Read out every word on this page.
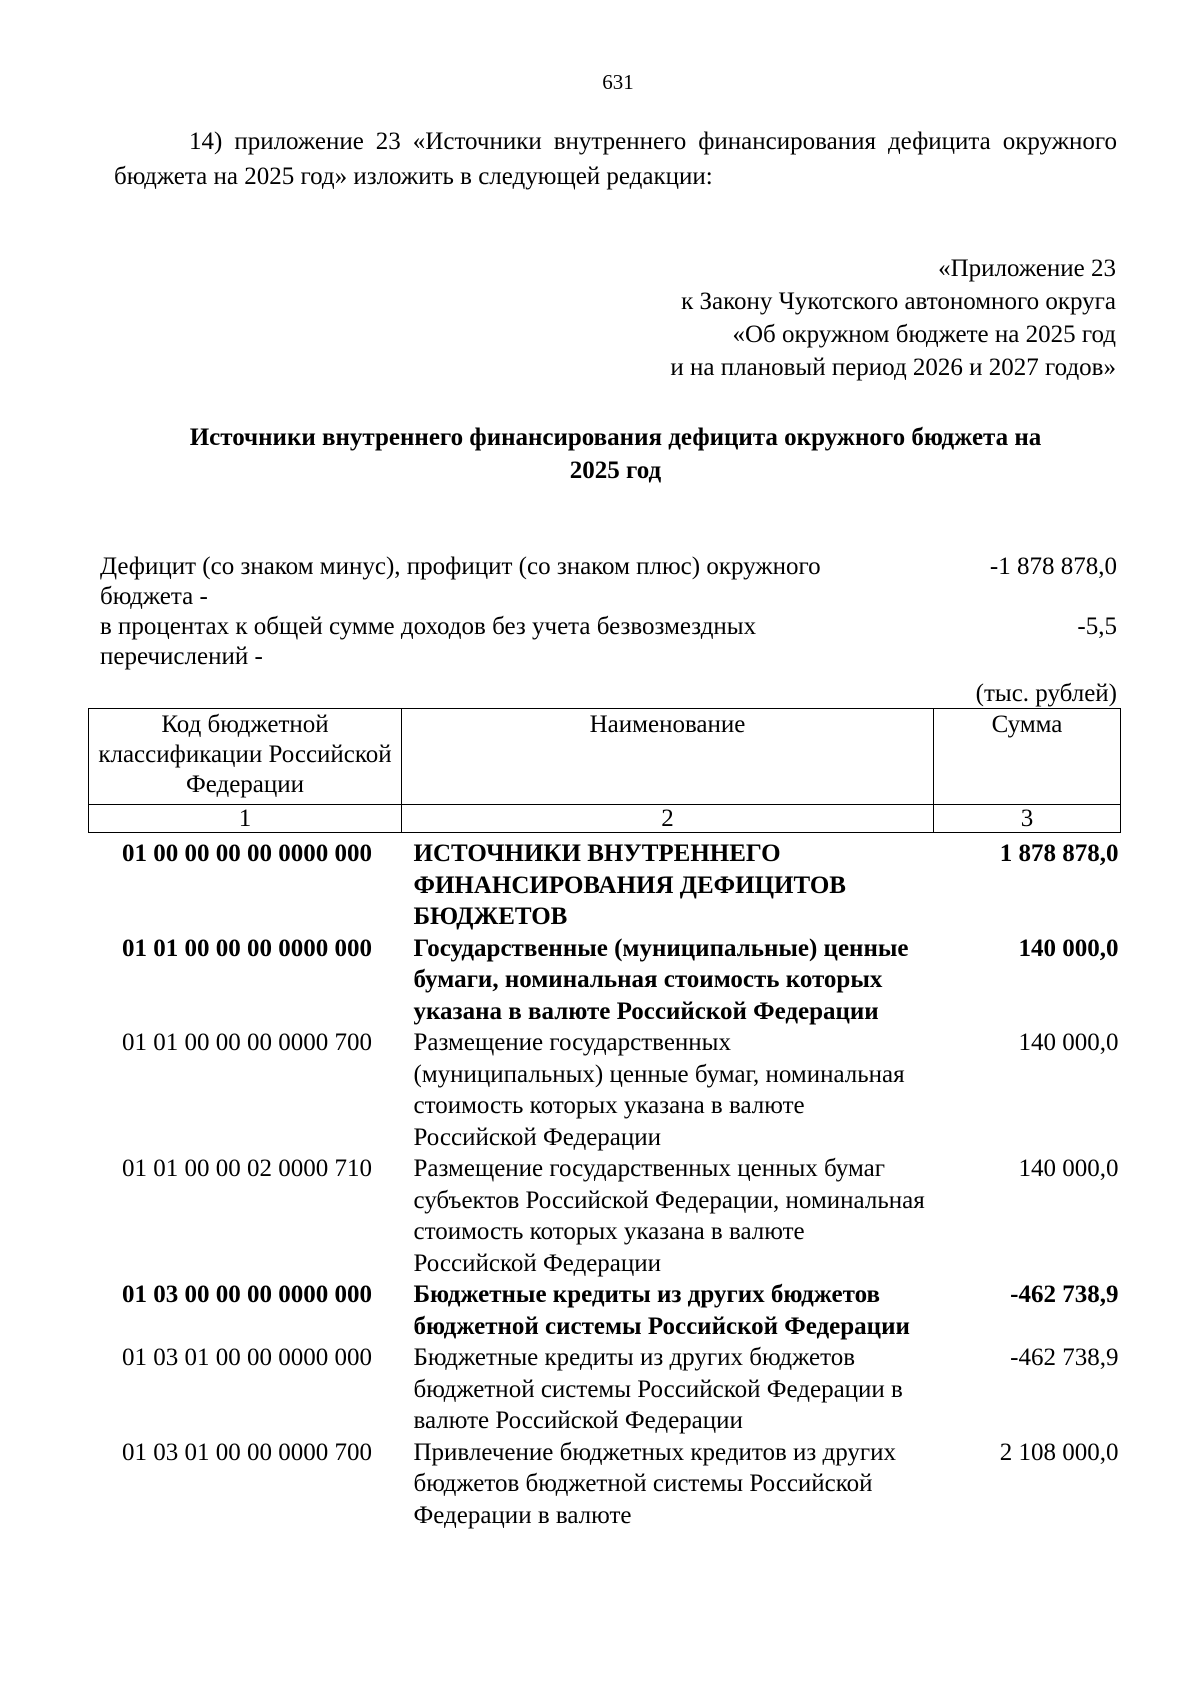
631
14) приложение 23 «Источники внутреннего финансирования дефицита окружного бюджета на 2025 год» изложить в следующей редакции:
«Приложение 23
к Закону Чукотского автономного округа
«Об окружном бюджете на 2025 год
и на плановый период 2026 и 2027 годов»
Источники внутреннего финансирования дефицита окружного бюджета на
2025 год
Дефицит (со знаком минус), профицит (со знаком плюс) окружного бюджета -
-1 878 878,0
в процентах к общей сумме доходов без учета безвозмездных перечислений -
-5,5
(тыс. рублей)
Код бюджетной классификации Российской Федерации	Наименование	Сумма
1	2	3
01 00 00 00 00 0000 000	ИСТОЧНИКИ ВНУТРЕННЕГО ФИНАНСИРОВАНИЯ ДЕФИЦИТОВ БЮДЖЕТОВ	1 878 878,0
01 01 00 00 00 0000 000	Государственные (муниципальные) ценные бумаги, номинальная стоимость которых указана в валюте Российской Федерации	140 000,0
01 01 00 00 00 0000 700	Размещение государственных (муниципальных) ценные бумаг, номинальная стоимость которых указана в валюте Российской Федерации	140 000,0
01 01 00 00 02 0000 710	Размещение государственных ценных бумаг субъектов Российской Федерации, номинальная стоимость которых указана в валюте Российской Федерации	140 000,0
01 03 00 00 00 0000 000	Бюджетные кредиты из других бюджетов бюджетной системы Российской Федерации	-462 738,9
01 03 01 00 00 0000 000	Бюджетные кредиты из других бюджетов бюджетной системы Российской Федерации в валюте Российской Федерации	-462 738,9
01 03 01 00 00 0000 700	Привлечение бюджетных кредитов из других бюджетов бюджетной системы Российской Федерации в валюте	2 108 000,0
